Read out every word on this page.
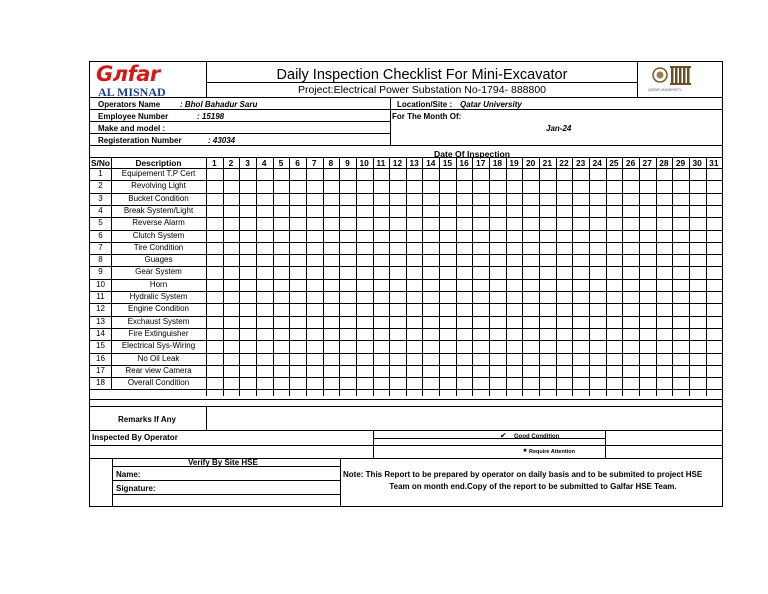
Gлfar
AL MISNAD
Daily Inspection Checklist For Mini-Excavator
Project:Electrical Power Substation No-1794- 888800	QATAR UNIVERSITY
Operators Name : Bhol Bahadur Saru	Location/Site : Qatar University
Employee Number	: 15198	For The Month Of:
Make and model :	Jan-24
Registeration Number	: 43034
Date Of Inspection
S/No	Description	1	2	3	4	5	6	7	8	9	10 11 12 13 14 15 16 17 18 19 20 21 22 23 24 25 26 27 28 29 30 31
1	Equipement T.P Cert
2	Revolving Light
3	Bucket Condition
4	Break System/Light
5	Reverse Alarm
6	Clutch System
7	Tire Condition
8	Guages
9	Gear System
10	Horn
11	Hydralic System
12	Engine Condition
13	Exchaust System
14	Fire Extinguisher
15	Electrical Sys-Wiring
16	No Oil Leak
17	Rear view Camera
18	Overall Condition
Remarks If Any
Inspected By Operator	✔ Good Condition
✖ Require Attention
Verify By Site HSE
Name:
Signature:
Note: This Report to be prepared by operator on daily basis and to be submited to project HSE
Team on month end.Copy of the report to be submitted to Galfar HSE Team.
